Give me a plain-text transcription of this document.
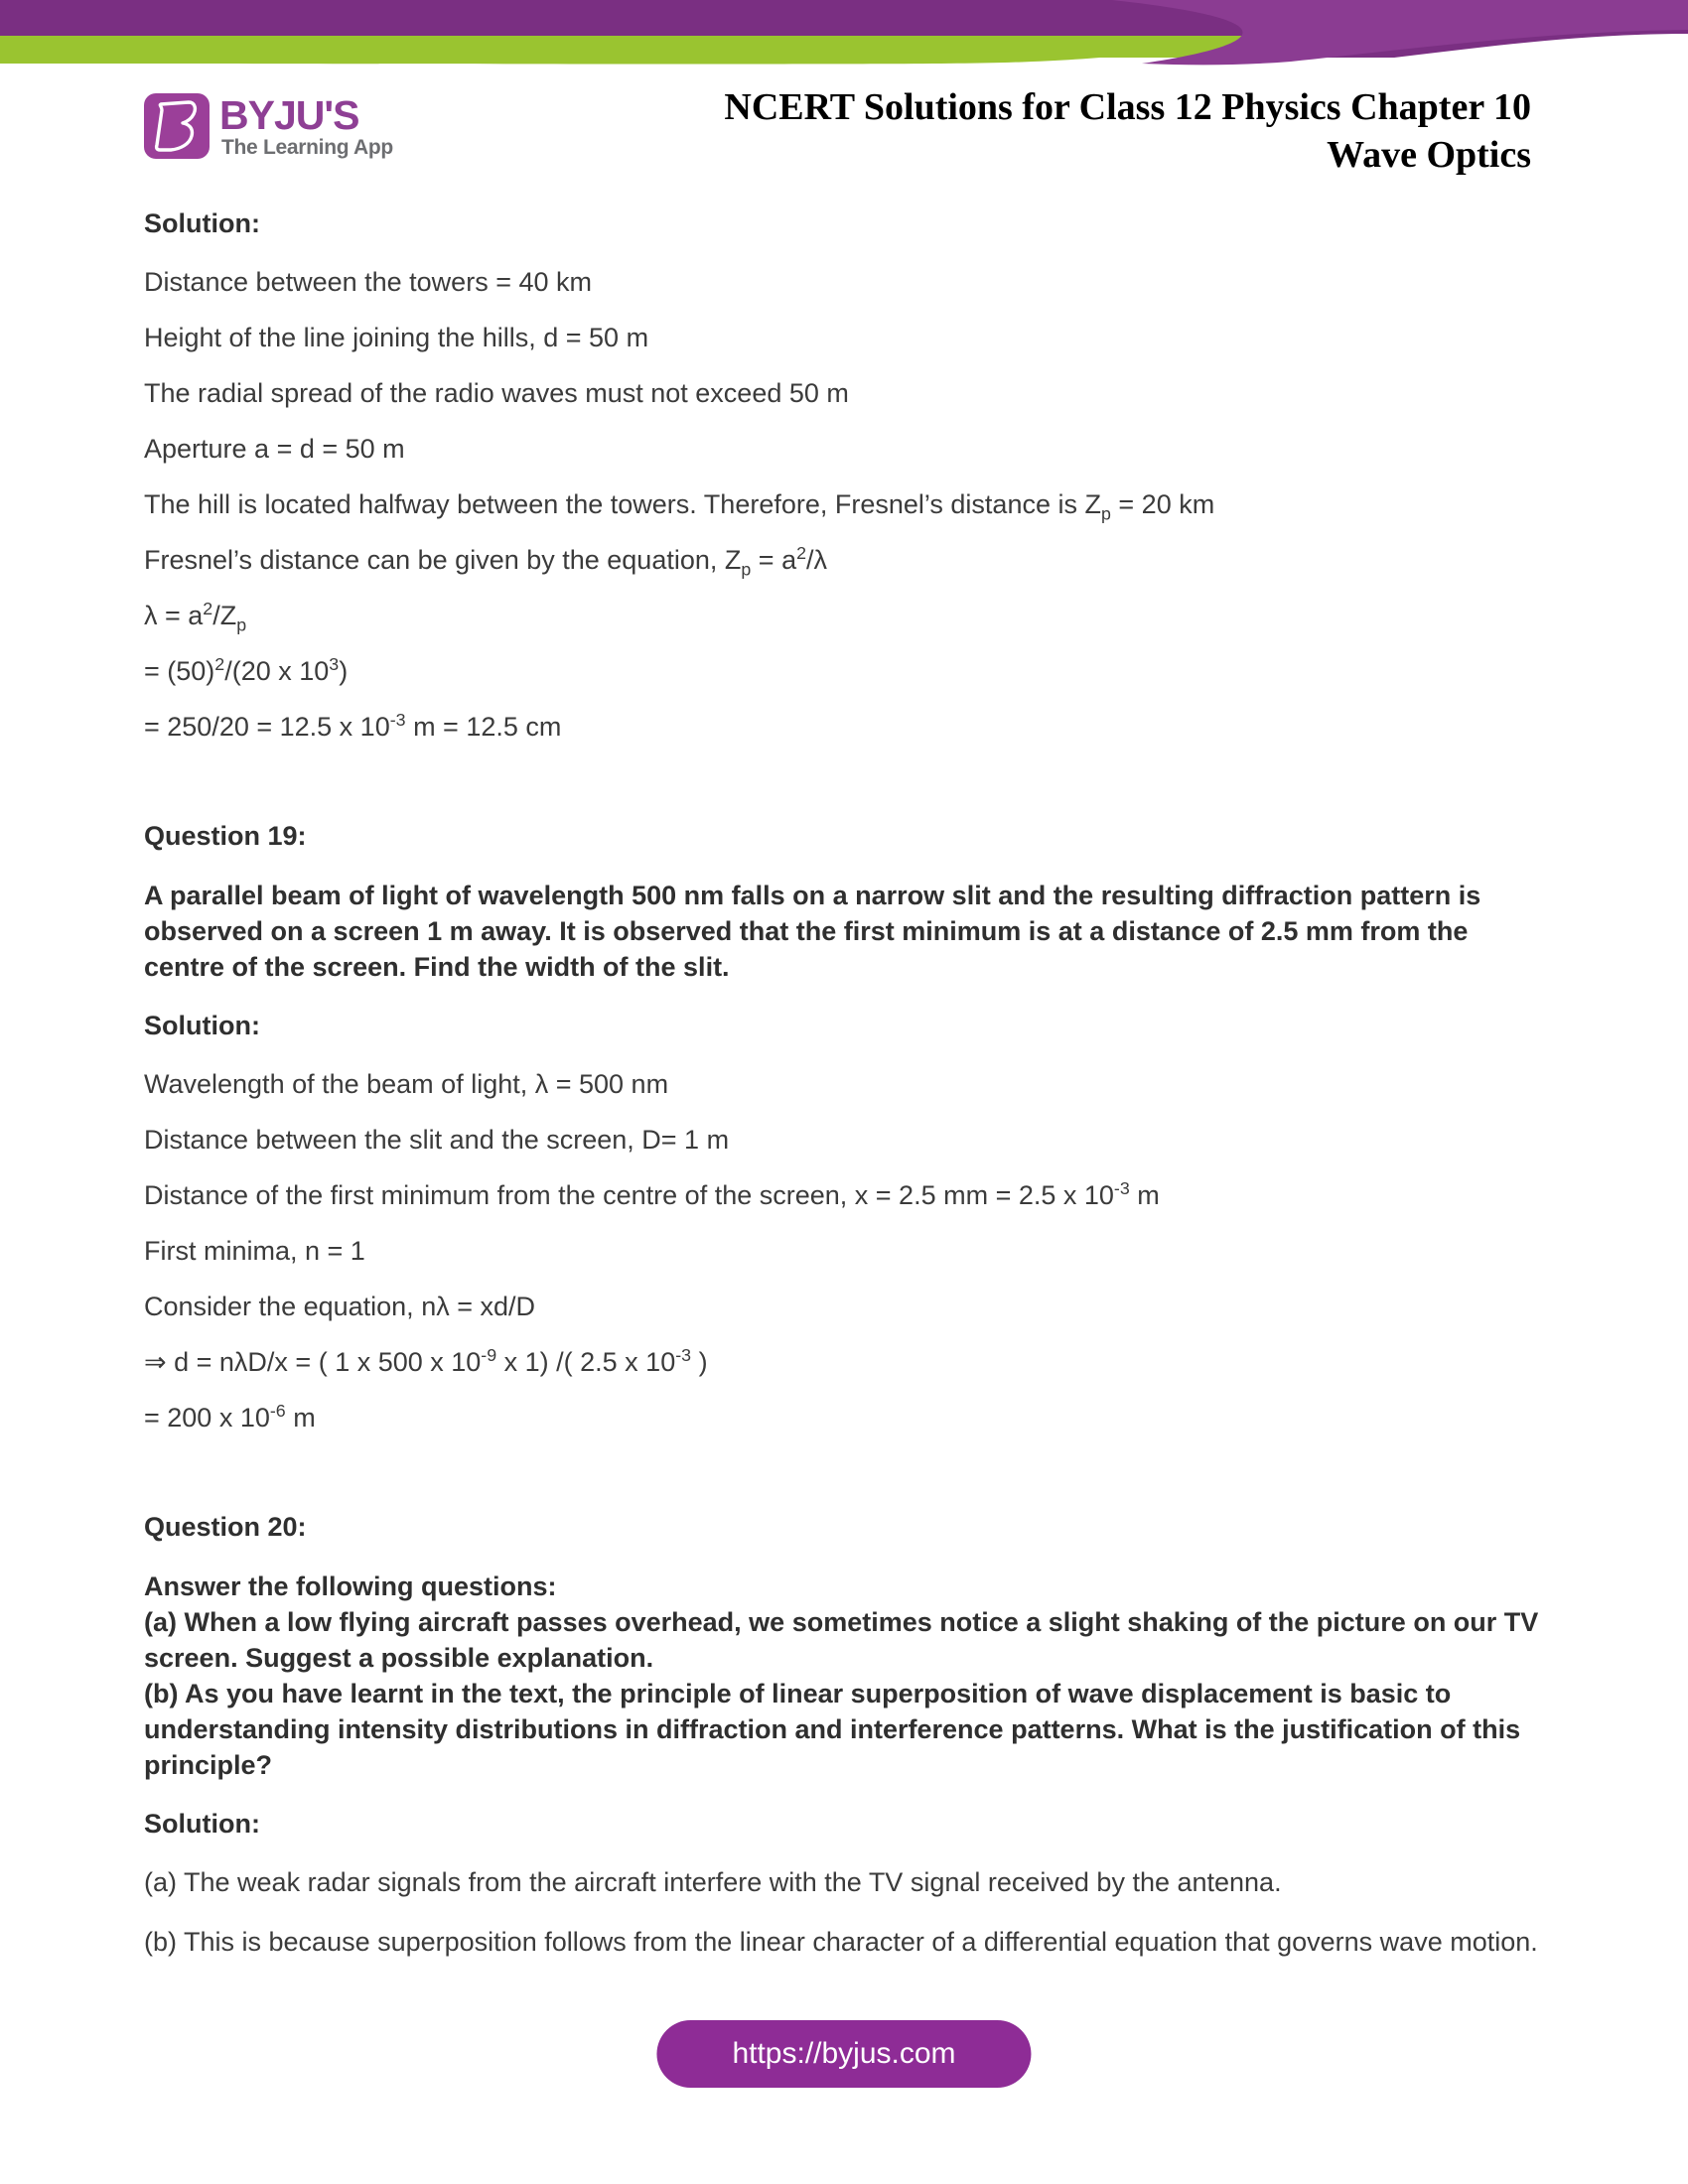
BYJU'S
The Learning App
NCERT Solutions for Class 12 Physics Chapter 10
Wave Optics

Solution:

Distance between the towers = 40 km

Height of the line joining the hills, d = 50 m

The radial spread of the radio waves must not exceed 50 m

Aperture a = d = 50 m

The hill is located halfway between the towers. Therefore, Fresnel’s distance is $Z_p = 20$ km

Fresnel’s distance can be given by the equation, $Z_p = a^2/\lambda$

$\lambda = a^2/Z_p$

= $(50)^2/(20$ x $10^3$)

= 250/20 = 12.5 x $10^{-3}$ m = 12.5 cm

Question 19:

A parallel beam of light of wavelength 500 nm falls on a narrow slit and the resulting diffraction pattern is observed on a screen 1 m away. It is observed that the first minimum is at a distance of 2.5 mm from the centre of the screen. Find the width of the slit.

Solution:

Wavelength of the beam of light, λ = 500 nm

Distance between the slit and the screen, D= 1 m

Distance of the first minimum from the centre of the screen, x = 2.5 mm = 2.5 x $10^{-3}$ m

First minima, n = 1

Consider the equation, nλ = xd/D

⇒ d = nλD/x = ( 1 x 500 x $10^{-9}$ x 1) /( 2.5 x $10^{-3}$ )

= 200 x $10^{-6}$ m

Question 20:

Answer the following questions:

(a) When a low flying aircraft passes overhead, we sometimes notice a slight shaking of the picture on our TV screen. Suggest a possible explanation.

(b) As you have learnt in the text, the principle of linear superposition of wave displacement is basic to understanding intensity distributions in diffraction and interference patterns. What is the justification of this principle?

Solution:

(a) The weak radar signals from the aircraft interfere with the TV signal received by the antenna.

(b) This is because superposition follows from the linear character of a differential equation that governs wave motion.

https://byjus.com
